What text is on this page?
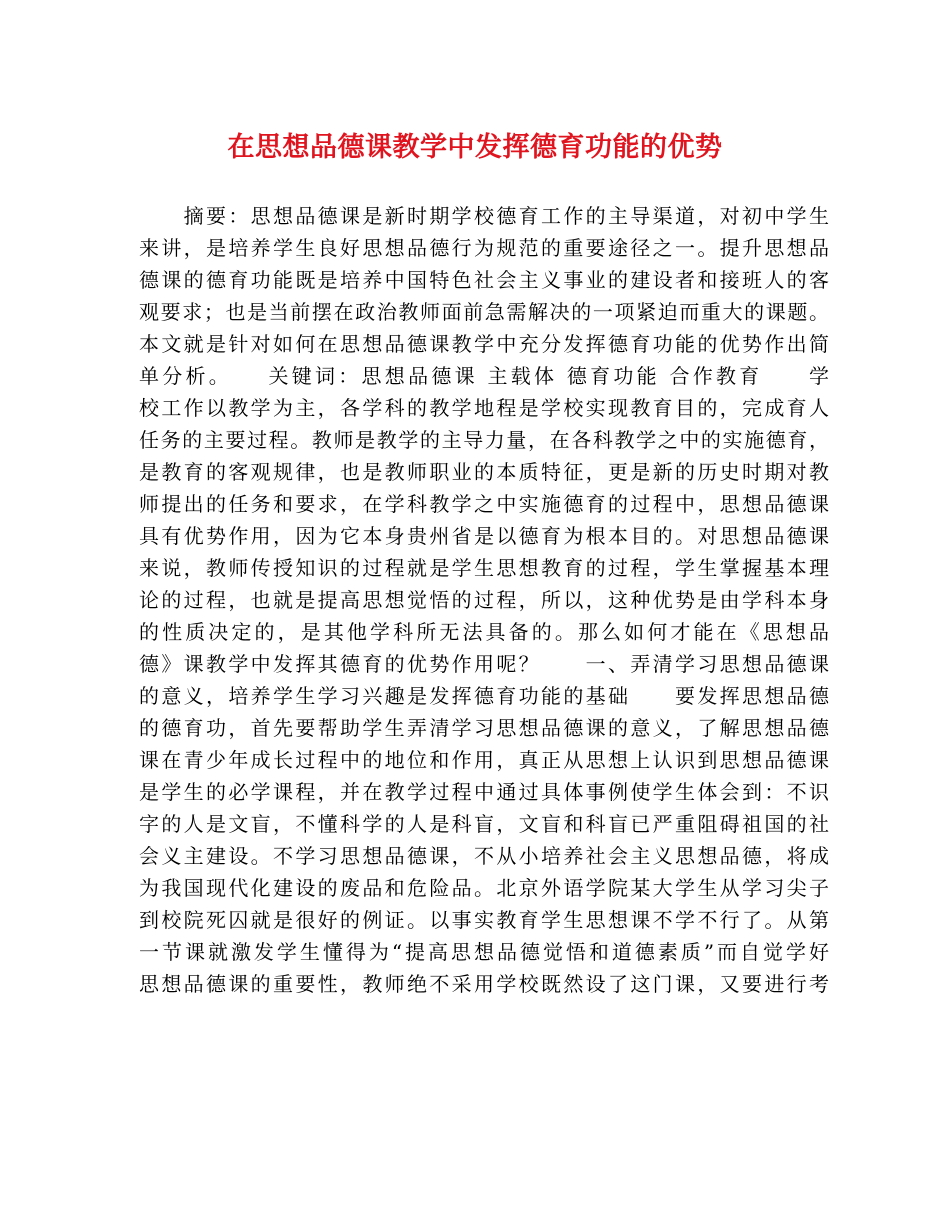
在思想品德课教学中发挥德育功能的优势
　　摘要：思想品德课是新时期学校德育工作的主导渠道，对初中学生
来讲，是培养学生良好思想品德行为规范的重要途径之一。提升思想品
德课的德育功能既是培养中国特色社会主义事业的建设者和接班人的客
观要求；也是当前摆在政治教师面前急需解决的一项紧迫而重大的课题。
本文就是针对如何在思想品德课教学中充分发挥德育功能的优势作出简
单分析。　　关键词：思想品德课 主载体 德育功能 合作教育　　学
校工作以教学为主，各学科的教学地程是学校实现教育目的，完成育人
任务的主要过程。教师是教学的主导力量，在各科教学之中的实施德育，
是教育的客观规律，也是教师职业的本质特征，更是新的历史时期对教
师提出的任务和要求，在学科教学之中实施德育的过程中，思想品德课
具有优势作用，因为它本身贵州省是以德育为根本目的。对思想品德课
来说，教师传授知识的过程就是学生思想教育的过程，学生掌握基本理
论的过程，也就是提高思想觉悟的过程，所以，这种优势是由学科本身
的性质决定的，是其他学科所无法具备的。那么如何才能在《思想品
德》课教学中发挥其德育的优势作用呢？　　一、弄清学习思想品德课
的意义，培养学生学习兴趣是发挥德育功能的基础　　要发挥思想品德
的德育功，首先要帮助学生弄清学习思想品德课的意义，了解思想品德
课在青少年成长过程中的地位和作用，真正从思想上认识到思想品德课
是学生的必学课程，并在教学过程中通过具体事例使学生体会到：不识
字的人是文盲，不懂科学的人是科盲，文盲和科盲已严重阻碍祖国的社
会义主建设。不学习思想品德课，不从小培养社会主义思想品德，将成
为我国现代化建设的废品和危险品。北京外语学院某大学生从学习尖子
到校院死囚就是很好的例证。以事实教育学生思想课不学不行了。从第
一节课就激发学生懂得为“提高思想品德觉悟和道德素质”而自觉学好
思想品德课的重要性，教师绝不采用学校既然设了这门课，又要进行考
